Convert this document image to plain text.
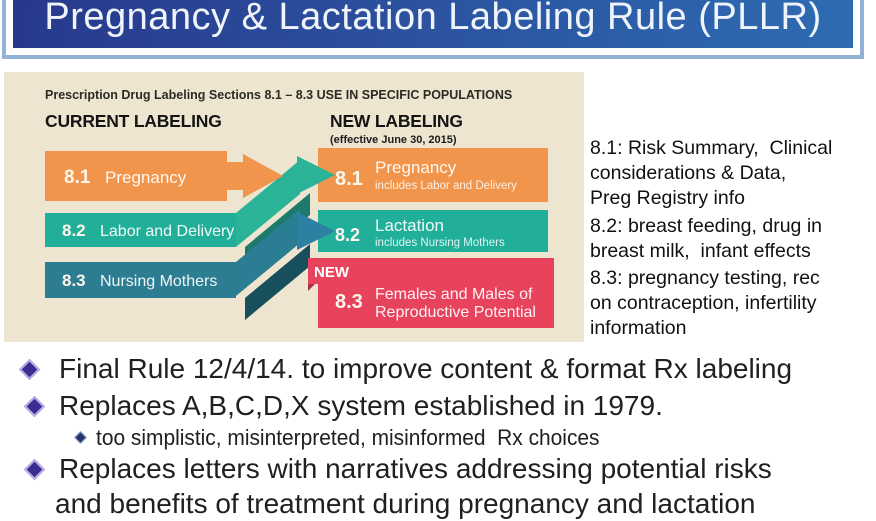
Pregnancy & Lactation Labeling Rule (PLLR)
Prescription Drug Labeling Sections 8.1 – 8.3 USE IN SPECIFIC POPULATIONS
CURRENT LABELING	NEW LABELING
(effective June 30, 2015)
8.1 Pregnancy
8.2 Labor and Delivery
8.3 Nursing Mothers
8.1
Pregnancy
includes Labor and Delivery
8.2 Lactation
includes Nursing Mothers
NEW
8.3 Females and Males of
Reproductive Potential

8.1: Risk Summary,  Clinical
considerations & Data,
Preg Registry info

8.2: breast feeding, drug in
breast milk,  infant effects

8.3: pregnancy testing, rec
on contraception, infertility
information

Final Rule 12/4/14. to improve content & format Rx labeling
Replaces A,B,C,D,X system established in 1979.
too simplistic, misinterpreted, misinformed  Rx choices
Replaces letters with narratives addressing potential risks
and benefits of treatment during pregnancy and lactation
